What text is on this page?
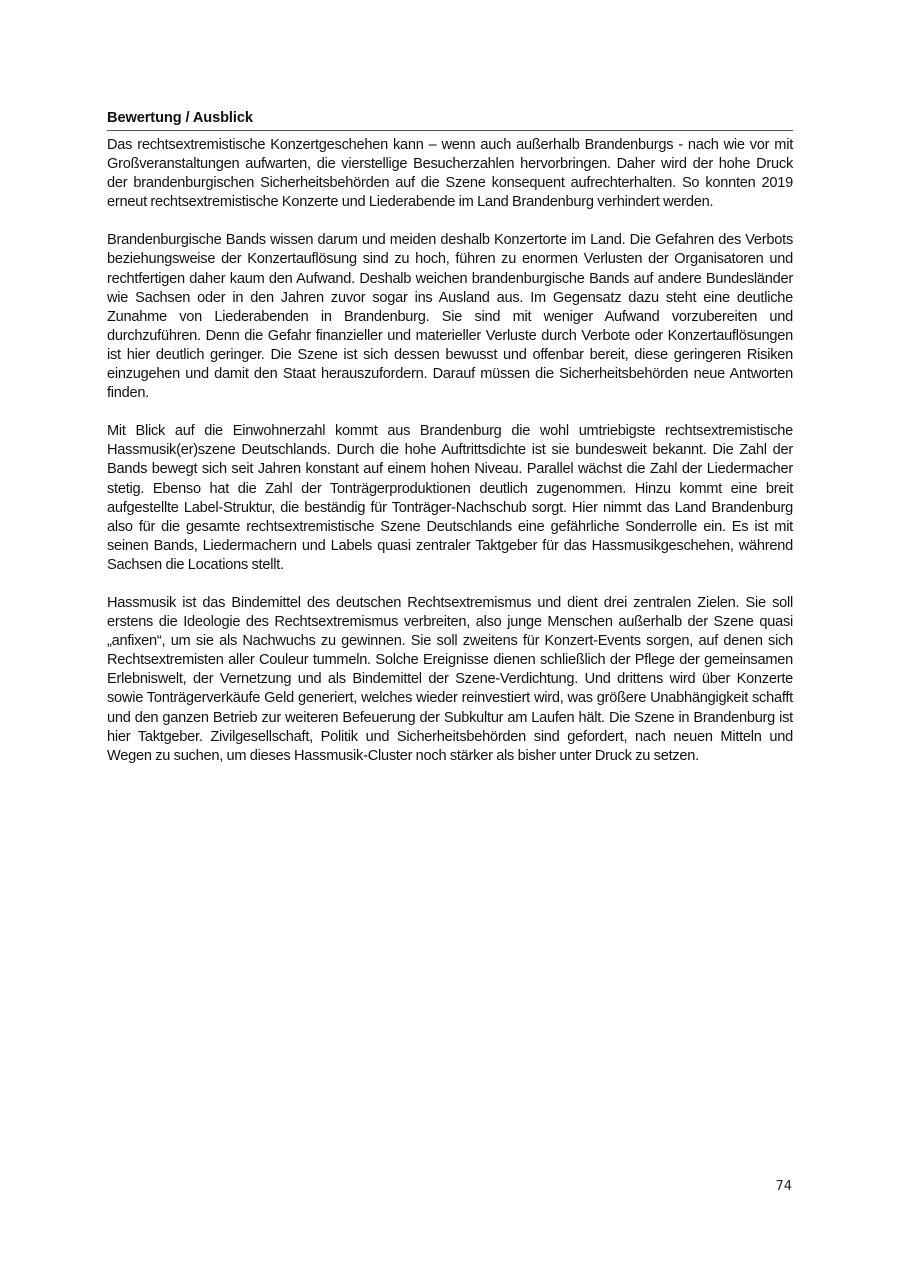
Bewertung / Ausblick

Das rechtsextremistische Konzertgeschehen kann – wenn auch außerhalb Brandenburgs - nach wie vor mit Großveranstaltungen aufwarten, die vierstellige Besucherzahlen hervorbringen. Daher wird der hohe Druck der brandenburgischen Sicherheitsbehörden auf die Szene konsequent aufrechterhalten. So konnten 2019 erneut rechtsextremistische Konzerte und Liederabende im Land Brandenburg verhindert werden.

Brandenburgische Bands wissen darum und meiden deshalb Konzertorte im Land. Die Gefahren des Verbots beziehungsweise der Konzertauflösung sind zu hoch, führen zu enormen Verlusten der Organisatoren und rechtfertigen daher kaum den Aufwand. Deshalb weichen brandenburgische Bands auf andere Bundesländer wie Sachsen oder in den Jahren zuvor sogar ins Ausland aus. Im Gegensatz dazu steht eine deutliche Zunahme von Liederabenden in Brandenburg. Sie sind mit weniger Aufwand vorzubereiten und durchzuführen. Denn die Gefahr finanzieller und materieller Verluste durch Verbote oder Konzertauflösungen ist hier deutlich geringer. Die Szene ist sich dessen bewusst und offenbar bereit, diese geringeren Risiken einzugehen und damit den Staat herauszufordern. Darauf müssen die Sicherheitsbehörden neue Antworten finden.

Mit Blick auf die Einwohnerzahl kommt aus Brandenburg die wohl umtriebigste rechtsextremistische Hassmusik(er)szene Deutschlands. Durch die hohe Auftrittsdichte ist sie bundesweit bekannt. Die Zahl der Bands bewegt sich seit Jahren konstant auf einem hohen Niveau. Parallel wächst die Zahl der Liedermacher stetig. Ebenso hat die Zahl der Tonträgerproduktionen deutlich zugenommen. Hinzu kommt eine breit aufgestellte Label-Struktur, die beständig für Tonträger-Nachschub sorgt. Hier nimmt das Land Brandenburg also für die gesamte rechtsextremistische Szene Deutschlands eine gefährliche Sonderrolle ein. Es ist mit seinen Bands, Liedermachern und Labels quasi zentraler Taktgeber für das Hassmusikgeschehen, während Sachsen die Locations stellt.

Hassmusik ist das Bindemittel des deutschen Rechtsextremismus und dient drei zentralen Zielen. Sie soll erstens die Ideologie des Rechtsextremismus verbreiten, also junge Menschen außerhalb der Szene quasi „anfixen“, um sie als Nachwuchs zu gewinnen. Sie soll zweitens für Konzert-Events sorgen, auf denen sich Rechtsextremisten aller Couleur tummeln. Solche Ereignisse dienen schließlich der Pflege der gemeinsamen Erlebniswelt, der Vernetzung und als Bindemittel der Szene-Verdichtung. Und drittens wird über Konzerte sowie Tonträgerverkäufe Geld generiert, welches wieder reinvestiert wird, was größere Unabhängigkeit schafft und den ganzen Betrieb zur weiteren Befeuerung der Subkultur am Laufen hält. Die Szene in Brandenburg ist hier Taktgeber. Zivilgesellschaft, Politik und Sicherheitsbehörden sind gefordert, nach neuen Mitteln und Wegen zu suchen, um dieses Hassmusik-Cluster noch stärker als bisher unter Druck zu setzen.

74
